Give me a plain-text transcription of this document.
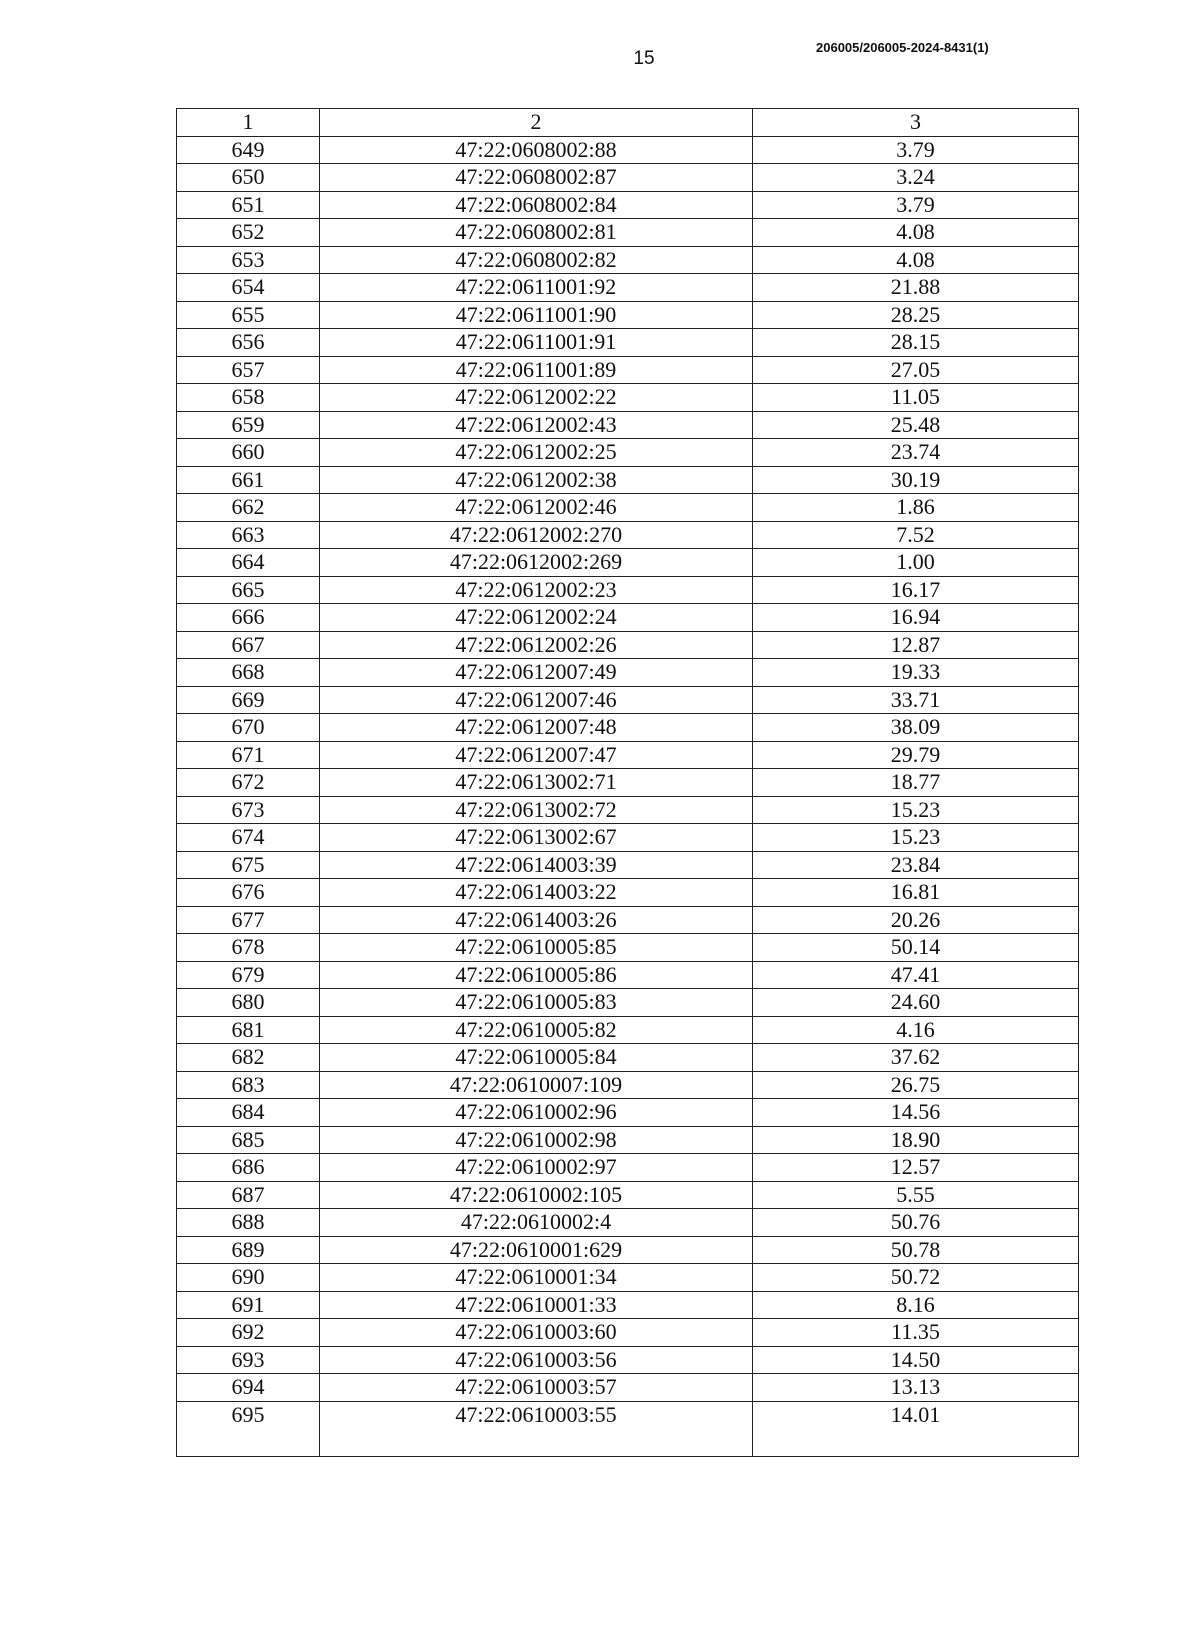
15
206005/206005-2024-8431(1)
1	2	3
649	47:22:0608002:88	3.79
650	47:22:0608002:87	3.24
651	47:22:0608002:84	3.79
652	47:22:0608002:81	4.08
653	47:22:0608002:82	4.08
654	47:22:0611001:92	21.88
655	47:22:0611001:90	28.25
656	47:22:0611001:91	28.15
657	47:22:0611001:89	27.05
658	47:22:0612002:22	11.05
659	47:22:0612002:43	25.48
660	47:22:0612002:25	23.74
661	47:22:0612002:38	30.19
662	47:22:0612002:46	1.86
663	47:22:0612002:270	7.52
664	47:22:0612002:269	1.00
665	47:22:0612002:23	16.17
666	47:22:0612002:24	16.94
667	47:22:0612002:26	12.87
668	47:22:0612007:49	19.33
669	47:22:0612007:46	33.71
670	47:22:0612007:48	38.09
671	47:22:0612007:47	29.79
672	47:22:0613002:71	18.77
673	47:22:0613002:72	15.23
674	47:22:0613002:67	15.23
675	47:22:0614003:39	23.84
676	47:22:0614003:22	16.81
677	47:22:0614003:26	20.26
678	47:22:0610005:85	50.14
679	47:22:0610005:86	47.41
680	47:22:0610005:83	24.60
681	47:22:0610005:82	4.16
682	47:22:0610005:84	37.62
683	47:22:0610007:109	26.75
684	47:22:0610002:96	14.56
685	47:22:0610002:98	18.90
686	47:22:0610002:97	12.57
687	47:22:0610002:105	5.55
688	47:22:0610002:4	50.76
689	47:22:0610001:629	50.78
690	47:22:0610001:34	50.72
691	47:22:0610001:33	8.16
692	47:22:0610003:60	11.35
693	47:22:0610003:56	14.50
694	47:22:0610003:57	13.13
695	47:22:0610003:55	14.01
